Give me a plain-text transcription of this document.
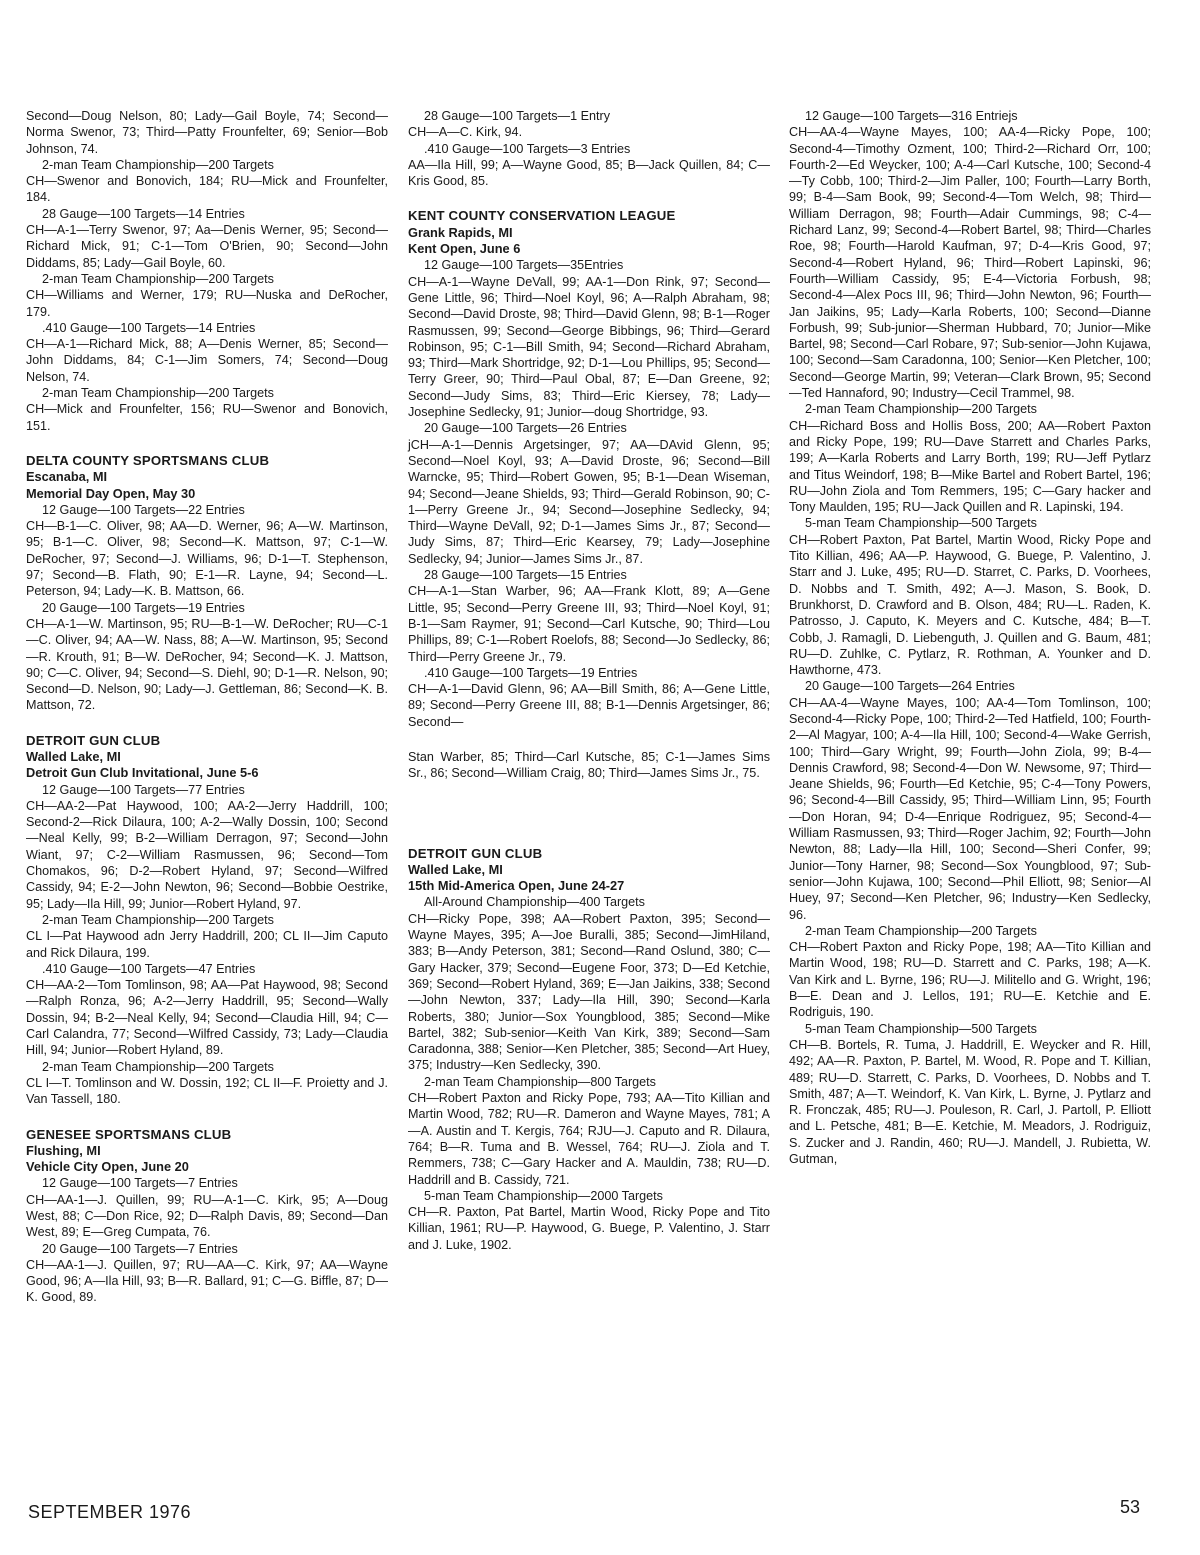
Second—Doug Nelson, 80; Lady—Gail Boyle, 74; Second—Norma Swenor, 73; Third—Patty Frounfelter, 69; Senior—Bob Johnson, 74.

2-man Team Championship—200 Targets

CH—Swenor and Bonovich, 184; RU—Mick and Frounfelter, 184.

28 Gauge—100 Targets—14 Entries

CH—A-1—Terry Swenor, 97; Aa—Denis Werner, 95; Second—Richard Mick, 91; C-1—Tom O'Brien, 90; Second—John Diddams, 85; Lady—Gail Boyle, 60.

2-man Team Championship—200 Targets

CH—Williams and Werner, 179; RU—Nuska and DeRocher, 179.

.410 Gauge—100 Targets—14 Entries

CH—A-1—Richard Mick, 88; A—Denis Werner, 85; Second—John Diddams, 84; C-1—Jim Somers, 74; Second—Doug Nelson, 74.

2-man Team Championship—200 Targets

CH—Mick and Frounfelter, 156; RU—Swenor and Bonovich, 151.

DELTA COUNTY SPORTSMANS CLUB

Escanaba, MI

Memorial Day Open, May 30

12 Gauge—100 Targets—22 Entries

CH—B-1—C. Oliver, 98; AA—D. Werner, 96; A—W. Martinson, 95; B-1—C. Oliver, 98; Second—K. Mattson, 97; C-1—W. DeRocher, 97; Second—J. Williams, 96; D-1—T. Stephenson, 97; Second—B. Flath, 90; E-1—R. Layne, 94; Second—L. Peterson, 94; Lady—K. B. Mattson, 66.

20 Gauge—100 Targets—19 Entries

CH—A-1—W. Martinson, 95; RU—B-1—W. DeRocher; RU—C-1—C. Oliver, 94; AA—W. Nass, 88; A—W. Martinson, 95; Second—R. Krouth, 91; B—W. DeRocher, 94; Second—K. J. Mattson, 90; C—C. Oliver, 94; Second—S. Diehl, 90; D-1—R. Nelson, 90; Second—D. Nelson, 90; Lady—J. Gettleman, 86; Second—K. B. Mattson, 72.

DETROIT GUN CLUB

Walled Lake, MI

Detroit Gun Club Invitational, June 5-6

12 Gauge—100 Targets—77 Entries

CH—AA-2—Pat Haywood, 100; AA-2—Jerry Haddrill, 100; Second-2—Rick Dilaura, 100; A-2—Wally Dossin, 100; Second—Neal Kelly, 99; B-2—William Derragon, 97; Second—John Wiant, 97; C-2—William Rasmussen, 96; Second—Tom Chomakos, 96; D-2—Robert Hyland, 97; Second—Wilfred Cassidy, 94; E-2—John Newton, 96; Second—Bobbie Oestrike, 95; Lady—Ila Hill, 99; Junior—Robert Hyland, 97.

2-man Team Championship—200 Targets

CL I—Pat Haywood adn Jerry Haddrill, 200; CL II—Jim Caputo and Rick Dilaura, 199.

.410 Gauge—100 Targets—47 Entries

CH—AA-2—Tom Tomlinson, 98; AA—Pat Haywood, 98; Second—Ralph Ronza, 96; A-2—Jerry Haddrill, 95; Second—Wally Dossin, 94; B-2—Neal Kelly, 94; Second—Claudia Hill, 94; C—Carl Calandra, 77; Second—Wilfred Cassidy, 73; Lady—Claudia Hill, 94; Junior—Robert Hyland, 89.

2-man Team Championship—200 Targets

CL I—T. Tomlinson and W. Dossin, 192; CL II—F. Proietty and J. Van Tassell, 180.

GENESEE SPORTSMANS CLUB

Flushing, MI

Vehicle City Open, June 20

12 Gauge—100 Targets—7 Entries

CH—AA-1—J. Quillen, 99; RU—A-1—C. Kirk, 95; A—Doug West, 88; C—Don Rice, 92; D—Ralph Davis, 89; Second—Dan West, 89; E—Greg Cumpata, 76.

20 Gauge—100 Targets—7 Entries

CH—AA-1—J. Quillen, 97; RU—AA—C. Kirk, 97; AA—Wayne Good, 96; A—Ila Hill, 93; B—R. Ballard, 91; C—G. Biffle, 87; D—K. Good, 89.

28 Gauge—100 Targets—1 Entry

CH—A—C. Kirk, 94.

.410 Gauge—100 Targets—3 Entries

AA—Ila Hill, 99; A—Wayne Good, 85; B—Jack Quillen, 84; C—Kris Good, 85.

KENT COUNTY CONSERVATION LEAGUE

Grank Rapids, MI

Kent Open, June 6

12 Gauge—100 Targets—35Entries

CH—A-1—Wayne DeVall, 99; AA-1—Don Rink, 97; Second—Gene Little, 96; Third—Noel Koyl, 96; A—Ralph Abraham, 98; Second—David Droste, 98; Third—David Glenn, 98; B-1—Roger Rasmussen, 99; Second—George Bibbings, 96; Third—Gerard Robinson, 95; C-1—Bill Smith, 94; Second—Richard Abraham, 93; Third—Mark Shortridge, 92; D-1—Lou Phillips, 95; Second—Terry Greer, 90; Third—Paul Obal, 87; E—Dan Greene, 92; Second—Judy Sims, 83; Third—Eric Kiersey, 78; Lady—Josephine Sedlecky, 91; Junior—doug Shortridge, 93.

20 Gauge—100 Targets—26 Entries

jCH—A-1—Dennis Argetsinger, 97; AA—DAvid Glenn, 95; Second—Noel Koyl, 93; A—David Droste, 96; Second—Bill Warncke, 95; Third—Robert Gowen, 95; B-1—Dean Wiseman, 94; Second—Jeane Shields, 93; Third—Gerald Robinson, 90; C-1—Perry Greene Jr., 94; Second—Josephine Sedlecky, 94; Third—Wayne DeVall, 92; D-1—James Sims Jr., 87; Second—Judy Sims, 87; Third—Eric Kearsey, 79; Lady—Josephine Sedlecky, 94; Junior—James Sims Jr., 87.

28 Gauge—100 Targets—15 Entries

CH—A-1—Stan Warber, 96; AA—Frank Klott, 89; A—Gene Little, 95; Second—Perry Greene III, 93; Third—Noel Koyl, 91; B-1—Sam Raymer, 91; Second—Carl Kutsche, 90; Third—Lou Phillips, 89; C-1—Robert Roelofs, 88; Second—Jo Sedlecky, 86; Third—Perry Greene Jr., 79.

.410 Gauge—100 Targets—19 Entries

CH—A-1—David Glenn, 96; AA—Bill Smith, 86; A—Gene Little, 89; Second—Perry Greene III, 88; B-1—Dennis Argetsinger, 86; Second—

Stan Warber, 85; Third—Carl Kutsche, 85; C-1—James Sims Sr., 86; Second—William Craig, 80; Third—James Sims Jr., 75.

DETROIT GUN CLUB

Walled Lake, MI

15th Mid-America Open, June 24-27

All-Around Championship—400 Targets

CH—Ricky Pope, 398; AA—Robert Paxton, 395; Second—Wayne Mayes, 395; A—Joe Buralli, 385; Second—JimHiland, 383; B—Andy Peterson, 381; Second—Rand Oslund, 380; C—Gary Hacker, 379; Second—Eugene Foor, 373; D—Ed Ketchie, 369; Second—Robert Hyland, 369; E—Jan Jaikins, 338; Second—John Newton, 337; Lady—Ila Hill, 390; Second—Karla Roberts, 380; Junior—Sox Youngblood, 385; Second—Mike Bartel, 382; Sub-senior—Keith Van Kirk, 389; Second—Sam Caradonna, 388; Senior—Ken Pletcher, 385; Second—Art Huey, 375; Industry—Ken Sedlecky, 390.

2-man Team Championship—800 Targets

CH—Robert Paxton and Ricky Pope, 793; AA—Tito Killian and Martin Wood, 782; RU—R. Dameron and Wayne Mayes, 781; A—A. Austin and T. Kergis, 764; RJU—J. Caputo and R. Dilaura, 764; B—R. Tuma and B. Wessel, 764; RU—J. Ziola and T. Remmers, 738; C—Gary Hacker and A. Mauldin, 738; RU—D. Haddrill and B. Cassidy, 721.

5-man Team Championship—2000 Targets

CH—R. Paxton, Pat Bartel, Martin Wood, Ricky Pope and Tito Killian, 1961; RU—P. Haywood, G. Buege, P. Valentino, J. Starr and J. Luke, 1902.

12 Gauge—100 Targets—316 Entriejs

CH—AA-4—Wayne Mayes, 100; AA-4—Ricky Pope, 100; Second-4—Timothy Ozment, 100; Third-2—Richard Orr, 100; Fourth-2—Ed Weycker, 100; A-4—Carl Kutsche, 100; Second-4—Ty Cobb, 100; Third-2—Jim Paller, 100; Fourth—Larry Borth, 99; B-4—Sam Book, 99; Second-4—Tom Welch, 98; Third—William Derragon, 98; Fourth—Adair Cummings, 98; C-4—Richard Lanz, 99; Second-4—Robert Bartel, 98; Third—Charles Roe, 98; Fourth—Harold Kaufman, 97; D-4—Kris Good, 97; Second-4—Robert Hyland, 96; Third—Robert Lapinski, 96; Fourth—William Cassidy, 95; E-4—Victoria Forbush, 98; Second-4—Alex Pocs III, 96; Third—John Newton, 96; Fourth—Jan Jaikins, 95; Lady—Karla Roberts, 100; Second—Dianne Forbush, 99; Sub-junior—Sherman Hubbard, 70; Junior—Mike Bartel, 98; Second—Carl Robare, 97; Sub-senior—John Kujawa, 100; Second—Sam Caradonna, 100; Senior—Ken Pletcher, 100; Second—George Martin, 99; Veteran—Clark Brown, 95; Second—Ted Hannaford, 90; Industry—Cecil Trammel, 98.

2-man Team Championship—200 Targets

CH—Richard Boss and Hollis Boss, 200; AA—Robert Paxton and Ricky Pope, 199; RU—Dave Starrett and Charles Parks, 199; A—Karla Roberts and Larry Borth, 199; RU—Jeff Pytlarz and Titus Weindorf, 198; B—Mike Bartel and Robert Bartel, 196; RU—John Ziola and Tom Remmers, 195; C—Gary hacker and Tony Maulden, 195; RU—Jack Quillen and R. Lapinski, 194.

5-man Team Championship—500 Targets

CH—Robert Paxton, Pat Bartel, Martin Wood, Ricky Pope and Tito Killian, 496; AA—P. Haywood, G. Buege, P. Valentino, J. Starr and J. Luke, 495; RU—D. Starret, C. Parks, D. Voorhees, D. Nobbs and T. Smith, 492; A—J. Mason, S. Book, D. Brunkhorst, D. Crawford and B. Olson, 484; RU—L. Raden, K. Patrosso, J. Caputo, K. Meyers and C. Kutsche, 484; B—T. Cobb, J. Ramagli, D. Liebenguth, J. Quillen and G. Baum, 481; RU—D. Zuhlke, C. Pytlarz, R. Rothman, A. Younker and D. Hawthorne, 473.

20 Gauge—100 Targets—264 Entries

CH—AA-4—Wayne Mayes, 100; AA-4—Tom Tomlinson, 100; Second-4—Ricky Pope, 100; Third-2—Ted Hatfield, 100; Fourth-2—Al Magyar, 100; A-4—Ila Hill, 100; Second-4—Wake Gerrish, 100; Third—Gary Wright, 99; Fourth—John Ziola, 99; B-4—Dennis Crawford, 98; Second-4—Don W. Newsome, 97; Third—Jeane Shields, 96; Fourth—Ed Ketchie, 95; C-4—Tony Powers, 96; Second-4—Bill Cassidy, 95; Third—William Linn, 95; Fourth—Don Horan, 94; D-4—Enrique Rodriguez, 95; Second-4—William Rasmussen, 93; Third—Roger Jachim, 92; Fourth—John Newton, 88; Lady—Ila Hill, 100; Second—Sheri Confer, 99; Junior—Tony Harner, 98; Second—Sox Youngblood, 97; Sub-senior—John Kujawa, 100; Second—Phil Elliott, 98; Senior—Al Huey, 97; Second—Ken Pletcher, 96; Industry—Ken Sedlecky, 96.

2-man Team Championship—200 Targets

CH—Robert Paxton and Ricky Pope, 198; AA—Tito Killian and Martin Wood, 198; RU—D. Starrett and C. Parks, 198; A—K. Van Kirk and L. Byrne, 196; RU—J. Militello and G. Wright, 196; B—E. Dean and J. Lellos, 191; RU—E. Ketchie and E. Rodriguis, 190.

5-man Team Championship—500 Targets

CH—B. Bortels, R. Tuma, J. Haddrill, E. Weycker and R. Hill, 492; AA—R. Paxton, P. Bartel, M. Wood, R. Pope and T. Killian, 489; RU—D. Starrett, C. Parks, D. Voorhees, D. Nobbs and T. Smith, 487; A—T. Weindorf, K. Van Kirk, L. Byrne, J. Pytlarz and R. Fronczak, 485; RU—J. Pouleson, R. Carl, J. Partoll, P. Elliott and L. Petsche, 481; B—E. Ketchie, M. Meadors, J. Rodriguiz, S. Zucker and J. Randin, 460; RU—J. Mandell, J. Rubietta, W. Gutman,

SEPTEMBER 1976	53
